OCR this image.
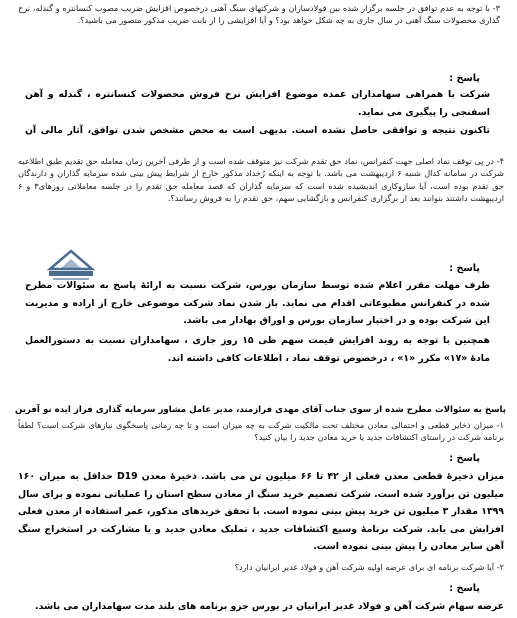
۳- با توجه به عدم توافق در جلسه برگزار شده بین فولادسازان و شرکتهای سنگ آهنی درخصوص افزایش ضریب مصوب کنسانتره و گندله، نرخ گذاری محصولات سنگ آهنی در سال جاری به چه شکل خواهد بود؟ و آیا افزایشی را از بابت ضریب مذکور متصور می باشید؟.
پاسخ :
شرکت با همراهی سهامداران عمده موضوع افزایش نرخ فروش محصولات کنسانتره ، گندله و آهن اسفنجی را پیگیری می نماید.
تاکنون نتیجه و توافقی حاصل نشده است. بدیهی است به محض مشخص شدن توافق، آثار مالی آن
۴- در پی توقف نماد اصلی جهت کنفرانس، نماد حق تقدم شرکت نیز متوقف شده است و از طرفی آخرین زمان معامله حق تقدیم طبق اطلاعیه شرکت در سامانه کدال شنبه ۶ اردیبهشت می باشد. با توجه به اینکه رُخداد مذکور خارج از شرایط پیش بینی شده سرمایه گذاران و دارندگان حق تقدم بوده است، آیا سازوکاری اندیشیده شده است که سرمایه گذاران که قصد معامله حق تقدم را در جلسه معاملاتی روزهای۳ و ۶ اردیبهشت داشتند بتوانند بعد از برگزاری کنفرانس و بازگشایی سهم، حق تقدم را به فروش رسانند؟.
پاسخ :
ظرف مهلت مقرر اعلام شده توسط سازمان بورس، شرکت نسبت به ارائهٔ پاسخ به سئوالات مطرح شده در کنفرانس مطبوعاتی اقدام می نماید. باز شدن نماد شرکت موضوعی خارج از اراده و مدیریت این شرکت بوده و در اختیار سازمان بورس و اوراق بهادار می باشد.
همچنین با توجه به روند افزایش قیمت سهم طی ۱۵ روز جاری ، سهامداران نسبت به دستورالعمل مادهٔ «۱۷» مکرر «۱» ، درخصوص توقف نماد ، اطلاعات کافی داشته اند.
پاسخ به سئوالات مطرح شده از سوی جناب آقای مهدی فرازمند، مدیر عامل مشاور سرمایه گذاری فراز ایده نو آفرین
۱- میزان ذخایر قطعی و احتمالی معادن مختلف تحت مالکیت شرکت به چه میزان است و تا چه زمانی پاسخگوی نیازهای شرکت است؟ لطفاً برنامه شرکت در راستای اکتشافات جدید یا خرید معادن جدید را بیان کنید؟
پاسخ :
میزان ذخیرهٔ قطعی معدن فعلی از ۴۲ تا ۶۶ میلیون تن می باشد. ذخیرهٔ معدن D19 حداقل به میزان ۱۶۰ میلیون تن برآورد شده است. شرکت تصمیم خرید سنگ از معادن سطح استان را عملیاتی نموده و برای سال ۱۳۹۹ مقدار ۳ میلیون تن خرید پیش بینی نموده است. با تحقق خریدهای مذکور، عمر استفاده از معدن فعلی افزایش می یابد. شرکت برنامهٔ وسیع اکتشافات جدید ، تملیک معادن جدید و یا مشارکت در استخراج سنگ آهن سایر معادن را پیش بینی نموده است.
۲- آیا شرکت برنامه ای برای عرضه اولیه شرکت آهن و فولاد غدیر ایرانیان دارد؟
پاسخ :
عرضه سهام شرکت آهن و فولاد غدیر ایرانیان در بورس جزو برنامه های بلند مدت سهامداران می باشد.
